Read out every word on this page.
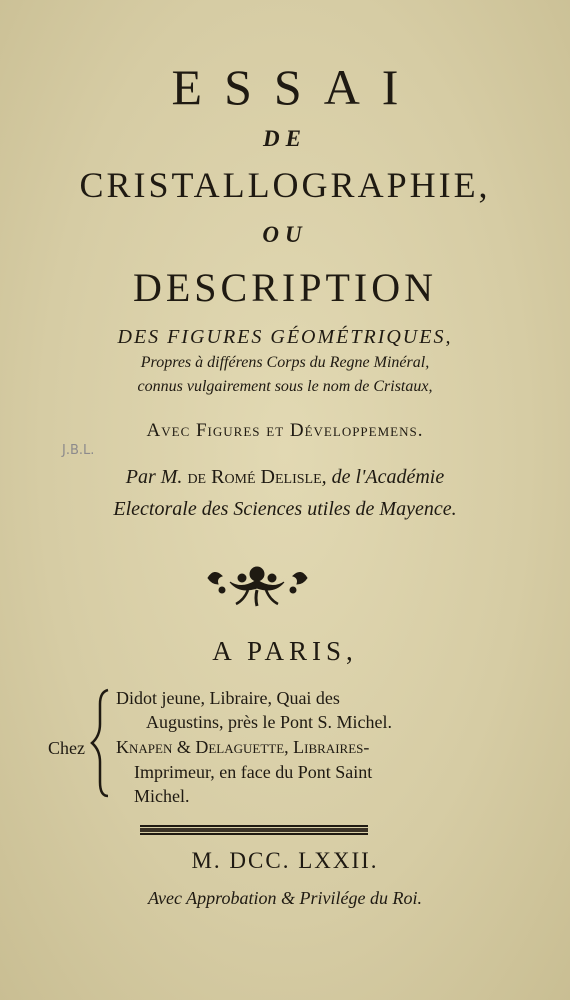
ESSAI
DE
CRISTALLOGRAPHIE,
OU
DESCRIPTION
DES FIGURES GÉOMÉTRIQUES,
Propres à différens Corps du Regne Minéral,
connus vulgairement sous le nom de Cristaux,
J.B.L.
Avec Figures et Développemens.
Par M. de Romé Delisle, de l'Académie
Electorale des Sciences utiles de Mayence.
A PARIS,
Chez
Didot jeune, Libraire, Quai des
Augustins, près le Pont S. Michel.
Knapen & Delaguette, Libraires-
Imprimeur, en face du Pont Saint
Michel.
M. DCC. LXXII.
Avec Approbation & Privilége du Roi.
